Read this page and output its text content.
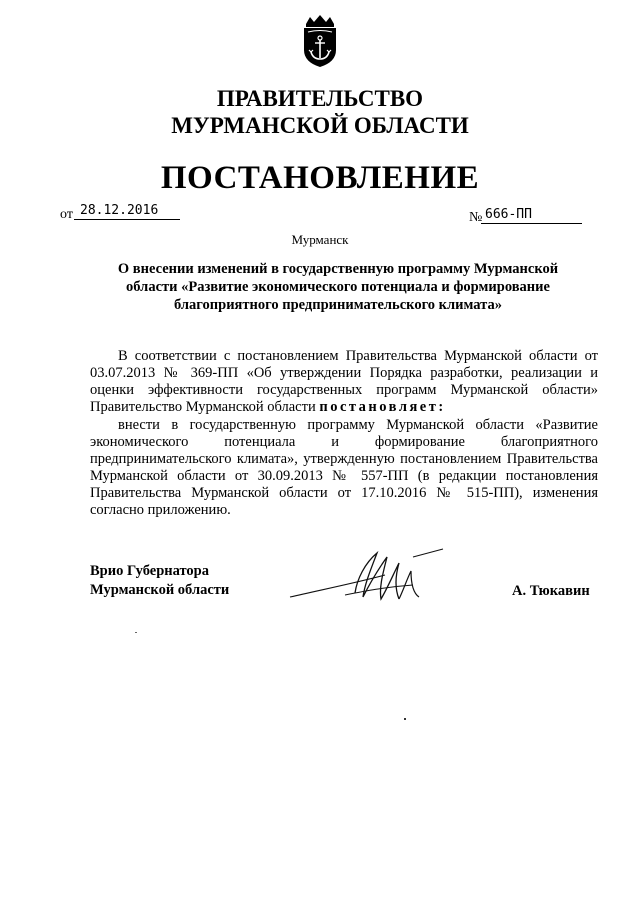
ПРАВИТЕЛЬСТВО
МУРМАНСКОЙ ОБЛАСТИ
ПОСТАНОВЛЕНИЕ
от 28.12.2016	№ 666-ПП
Мурманск
О внесении изменений в государственную программу Мурманской
области «Развитие экономического потенциала и формирование
благоприятного предпринимательского климата»
В соответствии с постановлением Правительства Мурманской области от 03.07.2013 № 369-ПП «Об утверждении Порядка разработки, реализации и оценки эффективности государственных программ Мурманской области» Правительство Мурманской области постановляет:
внести в государственную программу Мурманской области «Развитие экономического потенциала и формирование благоприятного предпринимательского климата», утвержденную постановлением Правительства Мурманской области от 30.09.2013 № 557-ПП (в редакции постановления Правительства Мурманской области от 17.10.2016 № 515-ПП), изменения согласно приложению.
Врио Губернатора
Мурманской области	А. Тюкавин
